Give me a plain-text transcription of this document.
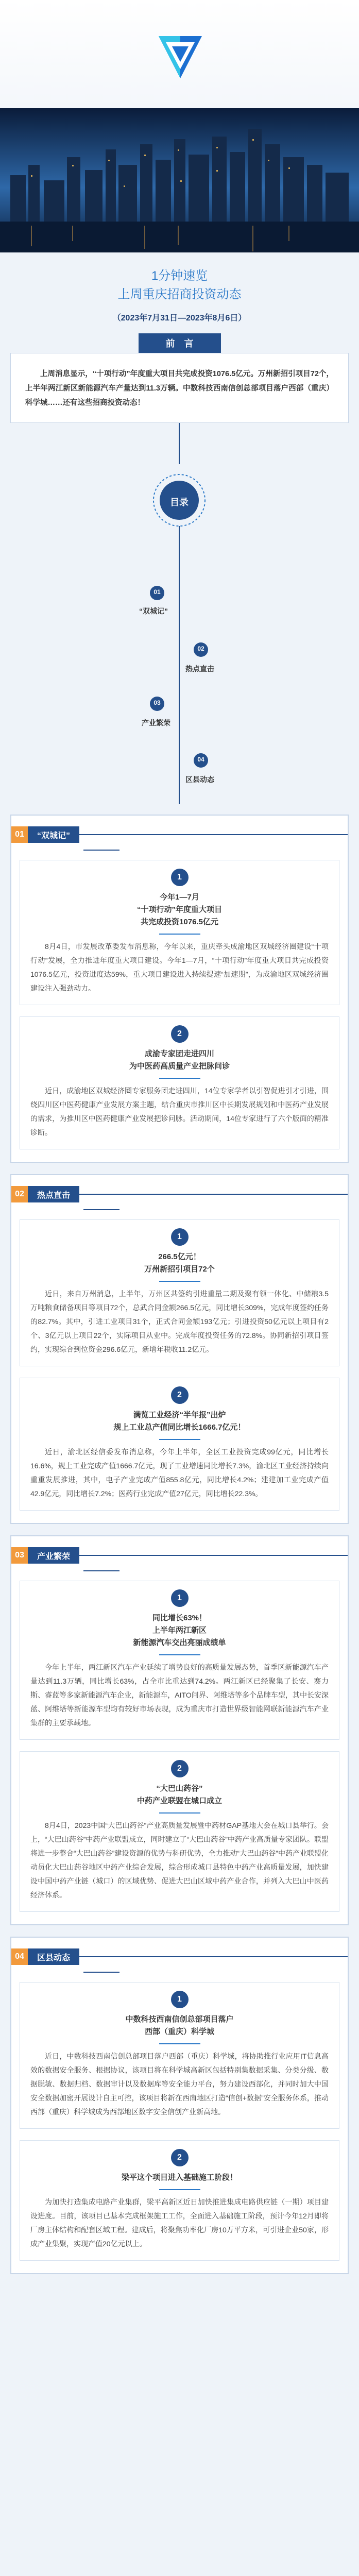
1分钟速览
上周重庆招商投资动态
（2023年7月31日—2023年8月6日）
前　言
上周消息显示，“十项行动”年度重大项目共完成投资1076.5亿元。万州新招引项目72个，上半年两江新区新能源汽车产量达到11.3万辆。中数科技西南信创总部项目落户西部（重庆）科学城……还有这些招商投资动态！
目录
01
“双城记”
02
热点直击
03
产业繁荣
04
区县动态
01	“双城记”
1
今年1—7月
“十项行动”年度重大项目
共完成投资1076.5亿元
8月4日，市发展改革委发布消息称，今年以来，重庆牵头成渝地区双城经济圈建设“十项行动”发展，全力推进年度重大项目建设。今年1—7月，“十项行动”年度重大项目共完成投资1076.5亿元，投资进度达59%，重大项目建设进入持续提速“加速期”，为成渝地区双城经济圈建设注入强劲动力。
2
成渝专家团走进四川
为中医药高质量产业把脉问诊
近日，成渝地区双城经济圈专家服务团走进四川，14位专家学者以引智促进引才引进，围绕四川区中医药健康产业发展方案主题，结合重庆市推川区中长期发展规划和中医药产业发展的需求，为推川区中医药健康产业发展把诊问脉。活动期间，14位专家进行了六个版面的精准诊断。
02	热点直击
1
266.5亿元！
万州新招引项目72个
近日，来自万州消息，上半年，万州区共签约引进重量二期及聚有领一体化、中储粮3.5万吨粮食储备项目等项目72个，总武合同金额266.5亿元，同比增长309%，完成年度签约任务的82.7%。其中，引进工业项目31个，正式合同金额193亿元；引进投资50亿元以上项目有2个、3亿元以上项目22个，实际项目从业中。完成年度投资任务的72.8%。协同新招引项目签约，实现综合到位资金296.6亿元，新增年税收11.2亿元。
2
满览工业经济“半年报”出炉
规上工业总产值同比增长1666.7亿元！
近日，渝北区经信委发布消息称，今年上半年，全区工业投资完成99亿元，同比增长16.6%，规上工业完成产值1666.7亿元，现了工业增速同比增长7.3%，渝北区工业经济持续向重重发展推进，其中，电子产业完成产值855.8亿元，同比增长4.2%；建建加工业完成产值42.9亿元，同比增长7.2%；医药行业完成产值27亿元，同比增长22.3%。
03	产业繁荣
1
同比增长63%！
上半年两江新区
新能源汽车交出亮丽成绩单
今年上半年，两江新区汽车产业延续了增势良好的高质量发展态势，首季区新能源汽车产量达到11.3万辆，同比增长63%，占全市比重达到74.2%。两江新区已经聚集了长安、赛力斯、睿蓝等多家新能源汽车企业，新能源车，AITO问界、阿维塔等多个品牌车型，其中长安深蓝、阿维塔等新能源车型均有较好市场表现，成为重庆市打造世界级智能网联新能源汽车产业集群的主要承载地。
2
“大巴山药谷”
中药产业联盟在城口成立
8月4日，2023中国“大巴山药谷”产业高质量发展暨中药材GAP基地大会在城口县举行。会上，“大巴山药谷”中药产业联盟成立，同时建立了“大巴山药谷”中药产业高质量专家团队。联盟将进一步整合“大巴山药谷”建设资源的优势与科研优势，全力推动“大巴山药谷”中药产业联盟化动员化大巴山药谷地区中药产业综合发展，综合形成城口县特色中药产业高质量发展，加快建设中国中药产业链（城口）的区域优势、促进大巴山区域中药产业合作，并列入大巴山中医药经济体系。
04	区县动态
1
中数科技西南信创总部项目落户
西部（重庆）科学城
近日，中数科技西南信创总部项目落户西部（重庆）科学城，将协助推行业应用IT信息高效的数据安全服务、根据协议，该项目将在科学城高新区包括特别集数据采集、分类分级、数据脱敏、数据归档、数据审计以及数据库等安全能力平台，努力建设西部化，并同时加大中国安全数据加密开展设计自主可控，该项目将新在西南地区打造“信创+数据”安全服务体系，推动西部（重庆）科学城成为西部地区数字安全信创产业新高地。
2
梁平这个项目进入基础施工阶段！
为加快打造集成电路产业集群，梁平高新区近日加快推进集成电路供应链（一期）项目建设进度。目前，该项目已基本完成框架施工工作，全面进入基础施工阶段，预计今年12月即将厂房主体结构和配套区域工程。建成后，将聚焦功率化厂房10万平方米，可引进企业50家，形成产业集聚，实现产值20亿元以上。
